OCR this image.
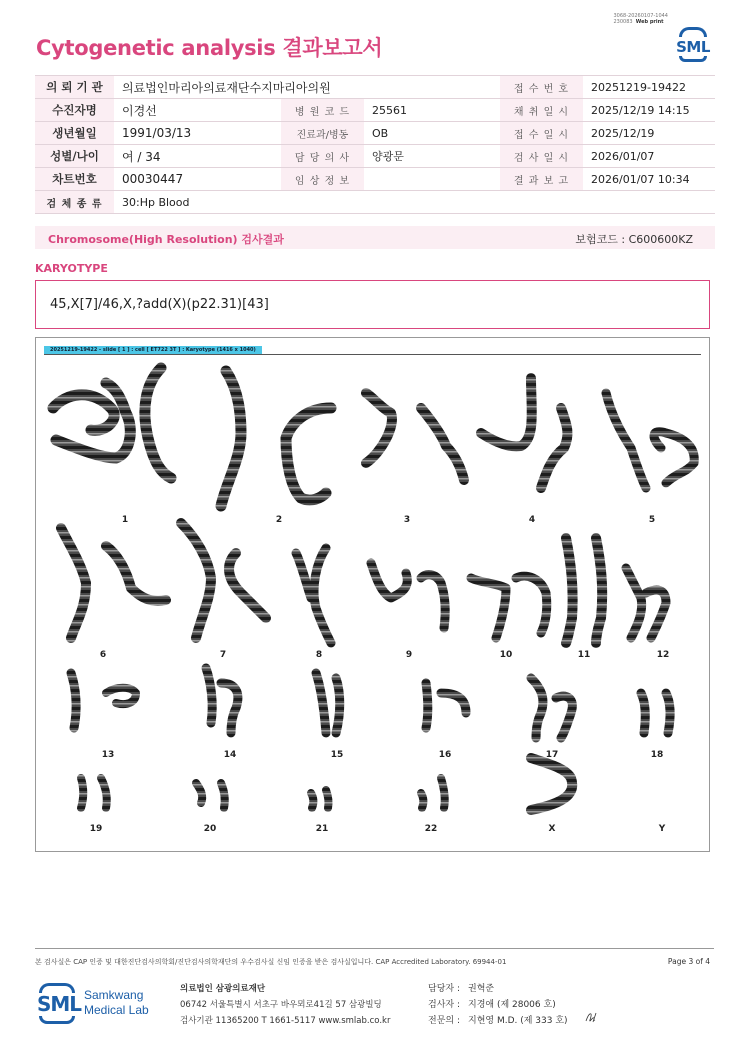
3068-20260107-1044
230083 Web print
Cytogenetic analysis 결과보고서	SML
의 뢰 기 관	의료법인마리아의료재단수지마리아의원			접 수 번 호	20251219-19422
수진자명	이경선	병 원 코 드	25561	채 취 일 시	2025/12/19 14:15
생년월일	1991/03/13	진료과/병동	OB	접 수 일 시	2025/12/19
성별/나이	여 / 34	담 당 의 사	양광문	검 사 일 시	2026/01/07
차트번호	00030447	임 상 정 보		결 과 보 고	2026/01/07 10:34
검 체 종 류	30:Hp Blood				
Chromosome(High Resolution) 검사결과	보험코드 : C600600KZ
KARYOTYPE
45,X[7]/46,X,?add(X)(p22.31)[43]
20251219-19422 - slide [ 1 ] : cell [ ET722 3T ] : Karyotype (1416 x 1040)
1	2	3	4	5
6	7	8	9	10	11	12
13	14	15	16	17	18
19	20	21	22	X	Y
본 검사실은 CAP 인증 및 대한진단검사의학회/진단검사의학재단의 우수검사실 신임 인증을 받은 검사실입니다. CAP Accredited Laboratory. 69944-01	Page 3 of 4
SML Samkwang
Medical Lab
의료법인 삼광의료재단
06742 서울특별시 서초구 바우뫼로41길 57 삼광빌딩
검사기관 11365200 T 1661-5117 www.smlab.co.kr
담당자 : 권혁준
검사자 : 지경애 (제 28006 호)
전문의 : 지현영 M.D. (제 333 호)
